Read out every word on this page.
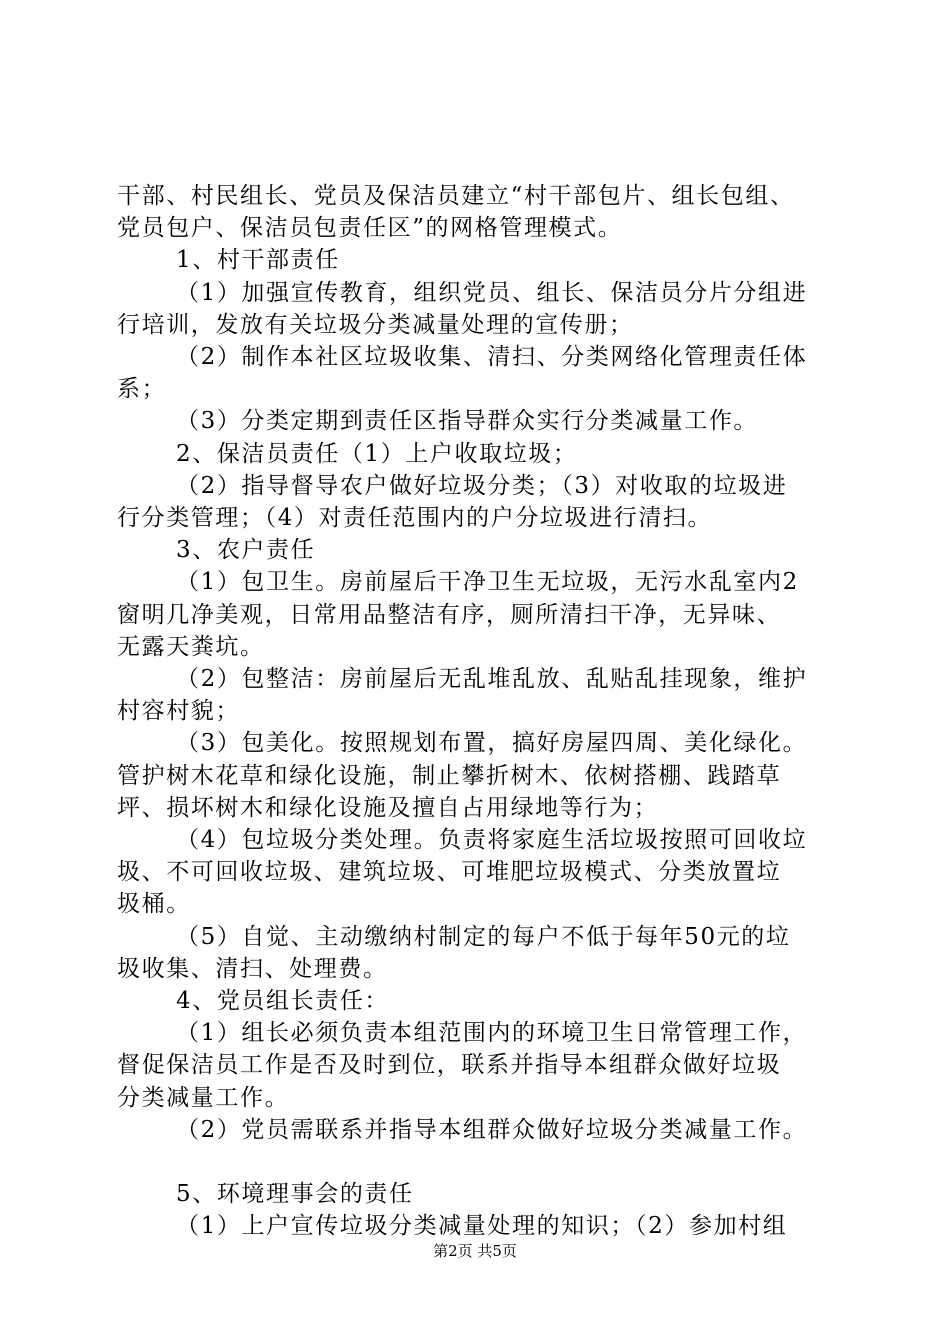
干部、村民组长、党员及保洁员建立“村干部包片、组长包组、
党员包户、保洁员包责任区”的网格管理模式。
1、村干部责任
（1）加强宣传教育，组织党员、组长、保洁员分片分组进
行培训，发放有关垃圾分类减量处理的宣传册；
（2）制作本社区垃圾收集、清扫、分类网络化管理责任体
系；
（3）分类定期到责任区指导群众实行分类减量工作。
2、保洁员责任（1）上户收取垃圾；
（2）指导督导农户做好垃圾分类；（3）对收取的垃圾进
行分类管理；（4）对责任范围内的户分垃圾进行清扫。
3、农户责任
（1）包卫生。房前屋后干净卫生无垃圾，无污水乱室内2
窗明几净美观，日常用品整洁有序，厕所清扫干净，无异味、
无露天粪坑。
（2）包整洁：房前屋后无乱堆乱放、乱贴乱挂现象，维护
村容村貌；
（3）包美化。按照规划布置，搞好房屋四周、美化绿化。
管护树木花草和绿化设施，制止攀折树木、依树搭棚、践踏草
坪、损坏树木和绿化设施及擅自占用绿地等行为；
（4）包垃圾分类处理。负责将家庭生活垃圾按照可回收垃
圾、不可回收垃圾、建筑垃圾、可堆肥垃圾模式、分类放置垃
圾桶。
（5）自觉、主动缴纳村制定的每户不低于每年50元的垃
圾收集、清扫、处理费。
4、党员组长责任：
（1）组长必须负责本组范围内的环境卫生日常管理工作，
督促保洁员工作是否及时到位，联系并指导本组群众做好垃圾
分类减量工作。
（2）党员需联系并指导本组群众做好垃圾分类减量工作。
5、环境理事会的责任
（1）上户宣传垃圾分类减量处理的知识；（2）参加村组
第2页 共5页
